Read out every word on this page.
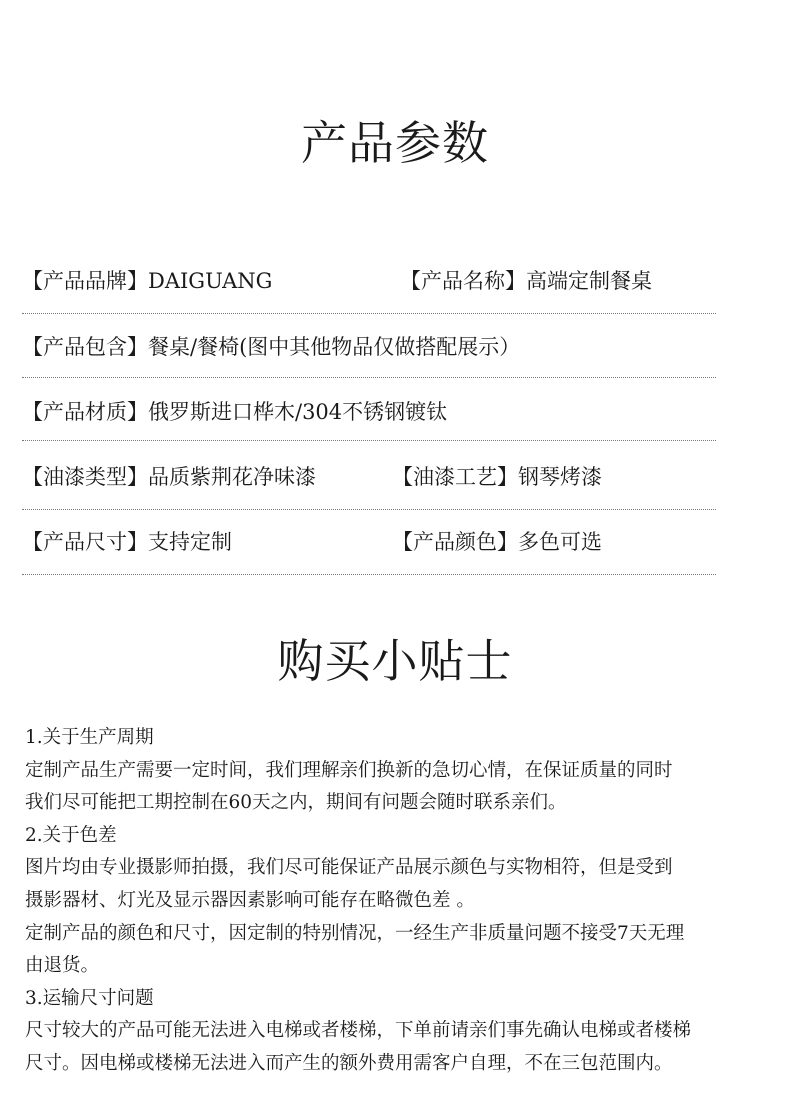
产品参数
【产品品牌】DAIGUANG	【产品名称】高端定制餐桌
【产品包含】餐桌/餐椅(图中其他物品仅做搭配展示）
【产品材质】俄罗斯进口桦木/304不锈钢镀钛
【油漆类型】品质紫荆花净味漆	【油漆工艺】钢琴烤漆
【产品尺寸】支持定制	【产品颜色】多色可选
购买小贴士

1.关于生产周期

定制产品生产需要一定时间，我们理解亲们换新的急切心情，在保证质量的同时

我们尽可能把工期控制在60天之内，期间有问题会随时联系亲们。

2.关于色差

图片均由专业摄影师拍摄，我们尽可能保证产品展示颜色与实物相符，但是受到

摄影器材、灯光及显示器因素影响可能存在略微色差 。

定制产品的颜色和尺寸，因定制的特别情况，一经生产非质量问题不接受7天无理

由退货。

3.运输尺寸问题

尺寸较大的产品可能无法进入电梯或者楼梯，下单前请亲们事先确认电梯或者楼梯

尺寸。因电梯或楼梯无法进入而产生的额外费用需客户自理，不在三包范围内。
